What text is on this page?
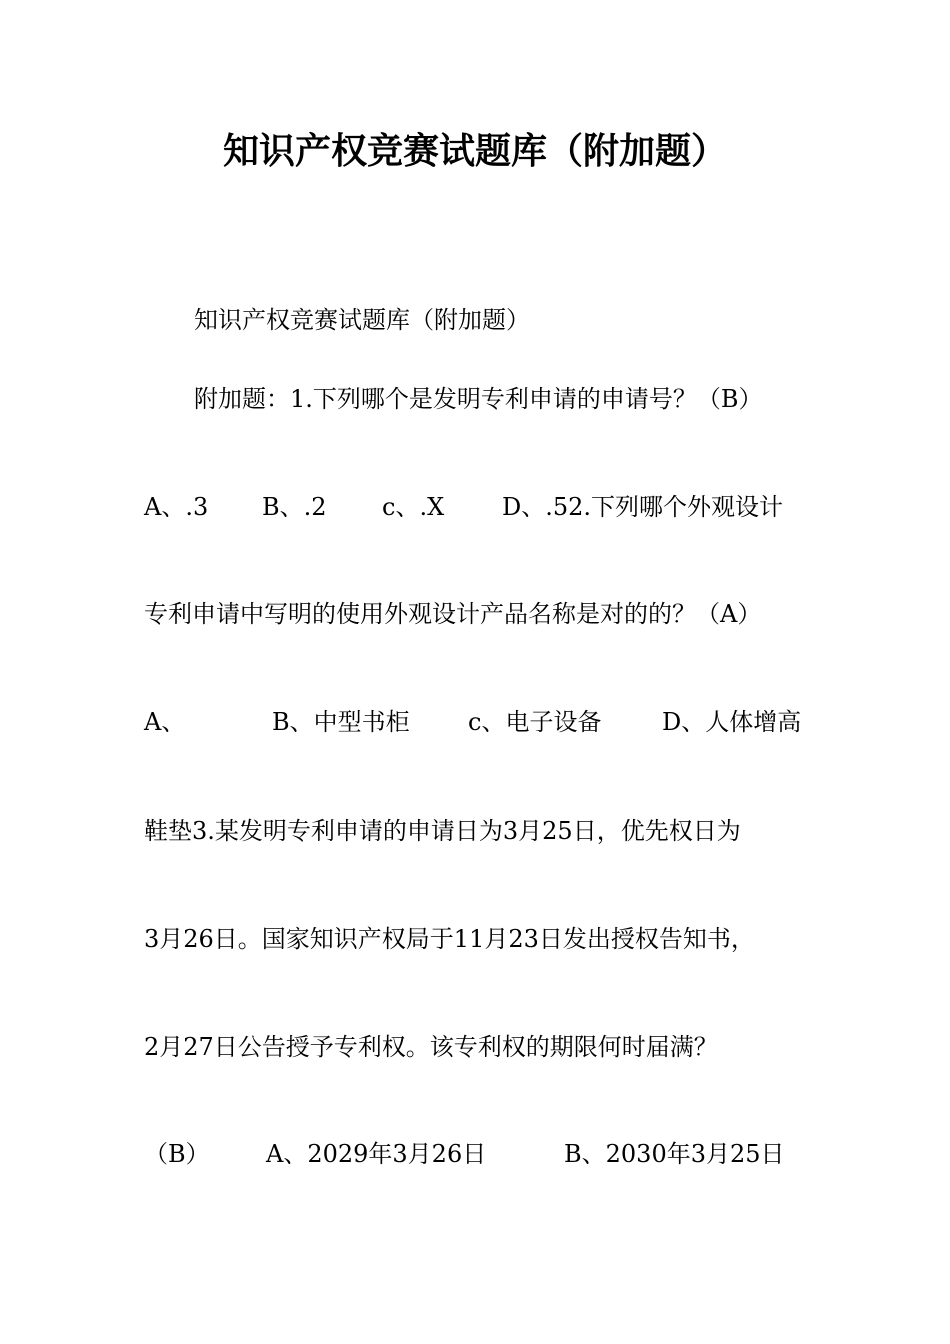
知识产权竞赛试题库（附加题）
知识产权竞赛试题库（附加题）
附加题：1.下列哪个是发明专利申请的申请号？（B）
A、.3 B、.2 c、.X D、.52.下列哪个外观设计
专利申请中写明的使用外观设计产品名称是对的的？（A）
A、	B、中型书柜 c、电子设备	D、人体增高
鞋垫3.某发明专利申请的申请日为3月25日，优先权日为
3月26日。国家知识产权局于11月23日发出授权告知书，
2月27日公告授予专利权。该专利权的期限何时届满？
（B） A、2029年3月26日	B、2030年3月25日
